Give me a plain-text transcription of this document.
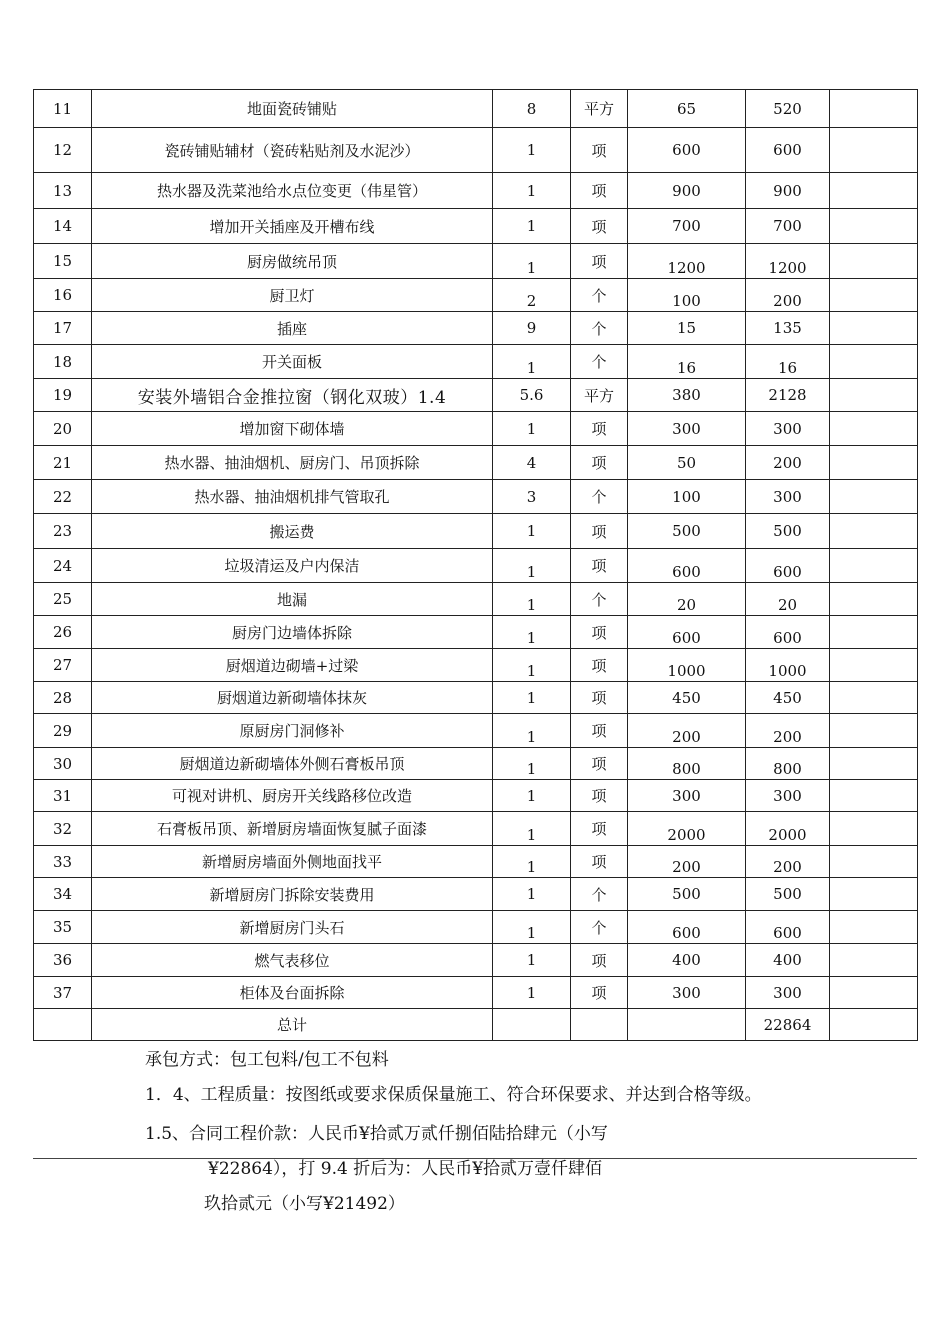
11	地面瓷砖铺贴	8	平方	65	520	
12	瓷砖铺贴辅材（瓷砖粘贴剂及水泥沙）	1	项	600	600	
13	热水器及洗菜池给水点位变更（伟星管）	1	项	900	900	
14	增加开关插座及开槽布线	1	项	700	700	
15	厨房做统吊顶	1	项	1200	1200	
16	厨卫灯	2	个	100	200	
17	插座	9	个	15	135	
18	开关面板	1	个	16	16	
19	安装外墙铝合金推拉窗（钢化双玻）1.4	5.6	平方	380	2128	
20	增加窗下砌体墙	1	项	300	300	
21	热水器、抽油烟机、厨房门、吊顶拆除	4	项	50	200	
22	热水器、抽油烟机排气管取孔	3	个	100	300	
23	搬运费	1	项	500	500	
24	垃圾清运及户内保洁	1	项	600	600	
25	地漏	1	个	20	20	
26	厨房门边墙体拆除	1	项	600	600	
27	厨烟道边砌墙+过梁	1	项	1000	1000	
28	厨烟道边新砌墙体抹灰	1	项	450	450	
29	原厨房门洞修补	1	项	200	200	
30	厨烟道边新砌墙体外侧石膏板吊顶	1	项	800	800	
31	可视对讲机、厨房开关线路移位改造	1	项	300	300	
32	石膏板吊顶、新增厨房墙面恢复腻子面漆	1	项	2000	2000	
33	新增厨房墙面外侧地面找平	1	项	200	200	
34	新增厨房门拆除安装费用	1	个	500	500	
35	新增厨房门头石	1	个	600	600	
36	燃气表移位	1	项	400	400	
37	柜体及台面拆除	1	项	300	300	
	总计				22864	
承包方式：包工包料/包工不包料
1．4、工程质量：按图纸或要求保质保量施工、符合环保要求、并达到合格等级。
1.5、合同工程价款：人民币¥拾贰万贰仟捌佰陆拾肆元（小写
¥22864），打 9.4 折后为：人民币¥拾贰万壹仟肆佰
玖拾贰元（小写¥21492）
